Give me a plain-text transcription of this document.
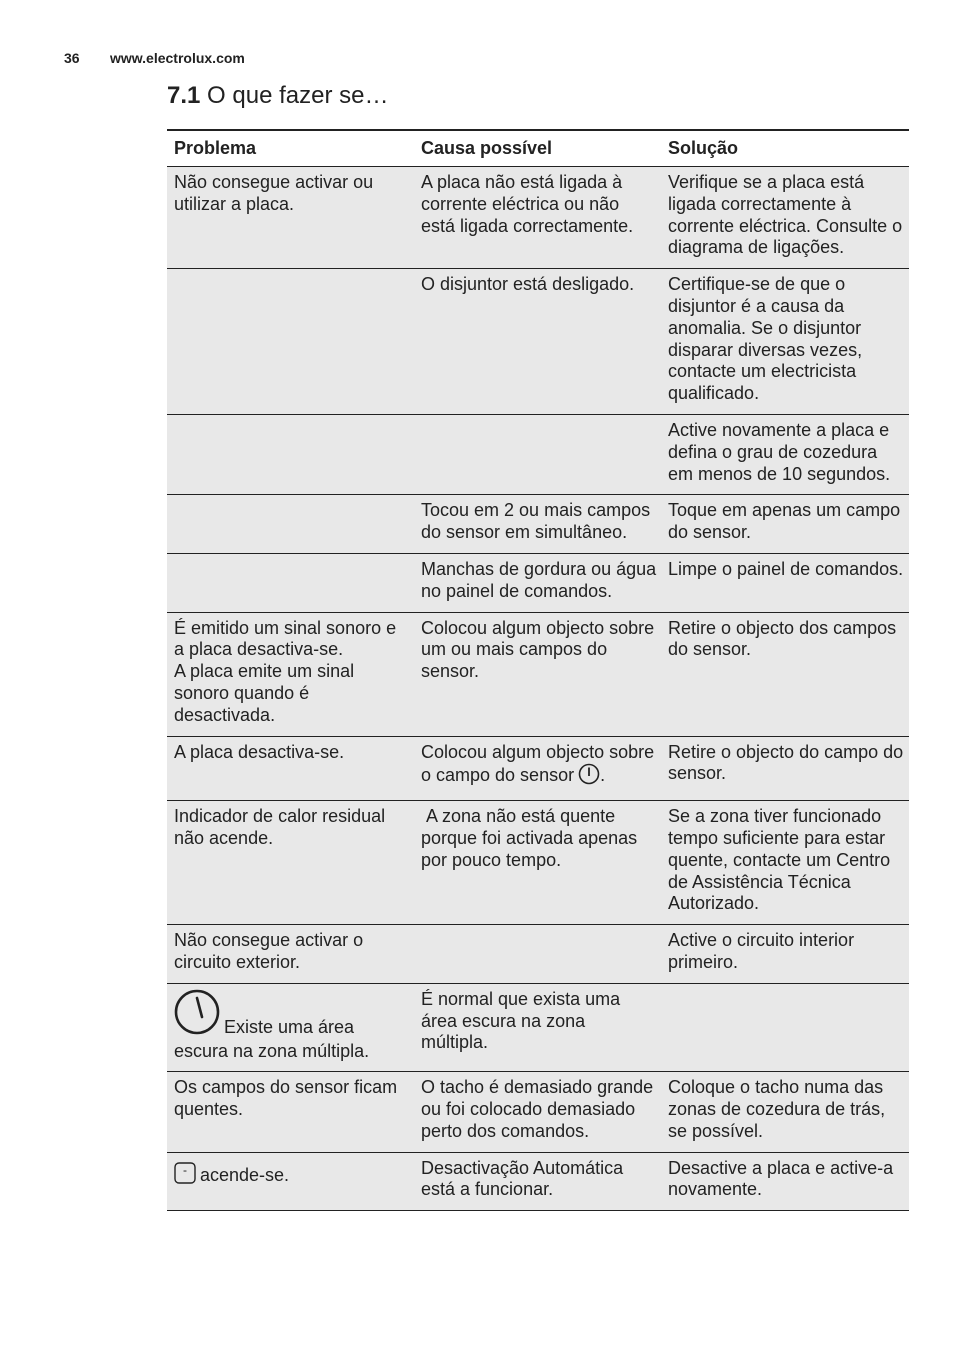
36 www.electrolux.com
7.1 O que fazer se…
Problema	Causa possível	Solução
Não consegue activar ou utilizar a placa.	A placa não está ligada à corrente eléctrica ou não está ligada correctamente.	Verifique se a placa está ligada correctamente à corrente eléctrica. Consulte o diagrama de ligações.
	O disjuntor está desligado.	Certifique-se de que o disjuntor é a causa da anomalia. Se o disjuntor disparar diversas vezes, contacte um electricista qualificado.
		Active novamente a placa e defina o grau de cozedura em menos de 10 segundos.
	Tocou em 2 ou mais campos do sensor em simultâneo.	Toque em apenas um campo do sensor.
	Manchas de gordura ou água no painel de comandos.	Limpe o painel de comandos.

É emitido um sinal sonoro e a placa desactiva-se.
A placa emite um sinal sonoro quando é desactivada.	Colocou algum objecto sobre um ou mais campos do sensor.	Retire o objecto dos campos do sensor.
A placa desactiva-se.	Colocou algum objecto sobre o campo do sensor .	Retire o objecto do campo do sensor.
Indicador de calor residual não acende.	A zona não está quente porque foi activada apenas por pouco tempo.	Se a zona tiver funcionado tempo suficiente para estar quente, contacte um Centro de Assistência Técnica Autorizado.
Não consegue activar o circuito exterior.		Active o circuito interior primeiro.
Existe uma área escura na zona múltipla.	É normal que exista uma área escura na zona múltipla.	
Os campos do sensor ficam quentes.	O tacho é demasiado grande ou foi colocado demasiado perto dos comandos.	Coloque o tacho numa das zonas de cozedura de trás, se possível.

- acende-se.	Desactivação Automática está a funcionar.	Desactive a placa e active-a novamente.
